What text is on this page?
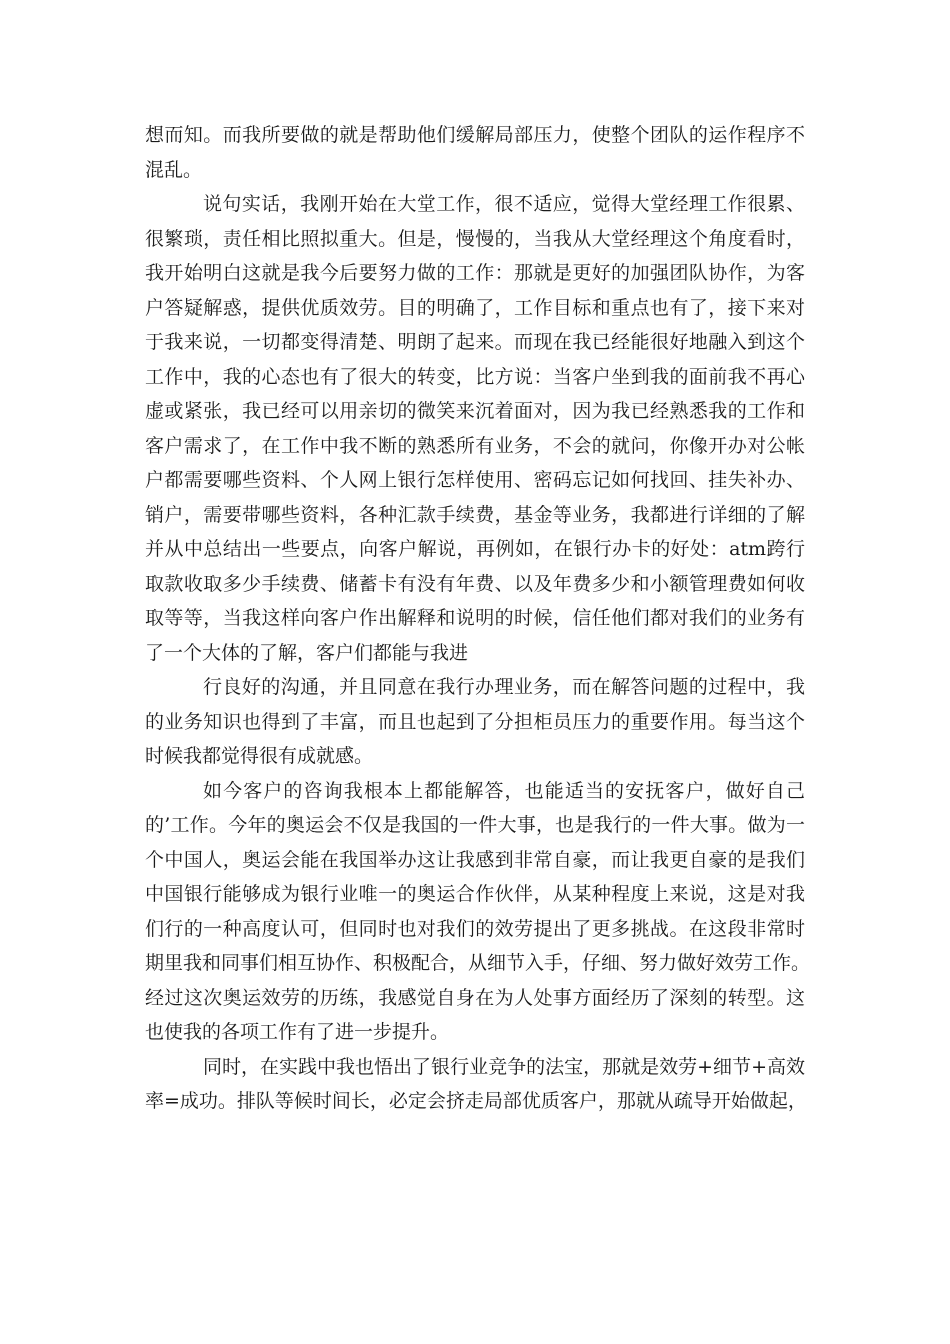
想而知。而我所要做的就是帮助他们缓解局部压力，使整个团队的运作程序不
混乱。
说句实话，我刚开始在大堂工作，很不适应，觉得大堂经理工作很累、
很繁琐，责任相比照拟重大。但是，慢慢的，当我从大堂经理这个角度看时，
我开始明白这就是我今后要努力做的工作：那就是更好的加强团队协作，为客
户答疑解惑，提供优质效劳。目的明确了，工作目标和重点也有了，接下来对
于我来说，一切都变得清楚、明朗了起来。而现在我已经能很好地融入到这个
工作中，我的心态也有了很大的转变，比方说：当客户坐到我的面前我不再心
虚或紧张，我已经可以用亲切的微笑来沉着面对，因为我已经熟悉我的工作和
客户需求了，在工作中我不断的熟悉所有业务，不会的就问，你像开办对公帐
户都需要哪些资料、个人网上银行怎样使用、密码忘记如何找回、挂失补办、
销户，需要带哪些资料，各种汇款手续费，基金等业务，我都进行详细的了解
并从中总结出一些要点，向客户解说，再例如，在银行办卡的好处：atm跨行
取款收取多少手续费、储蓄卡有没有年费、以及年费多少和小额管理费如何收
取等等，当我这样向客户作出解释和说明的时候，信任他们都对我们的业务有
了一个大体的了解，客户们都能与我进
行良好的沟通，并且同意在我行办理业务，而在解答问题的过程中，我
的业务知识也得到了丰富，而且也起到了分担柜员压力的重要作用。每当这个
时候我都觉得很有成就感。
如今客户的咨询我根本上都能解答，也能适当的安抚客户，做好自己
的’工作。今年的奥运会不仅是我国的一件大事，也是我行的一件大事。做为一
个中国人，奥运会能在我国举办这让我感到非常自豪，而让我更自豪的是我们
中国银行能够成为银行业唯一的奥运合作伙伴，从某种程度上来说，这是对我
们行的一种高度认可，但同时也对我们的效劳提出了更多挑战。在这段非常时
期里我和同事们相互协作、积极配合，从细节入手，仔细、努力做好效劳工作。
经过这次奥运效劳的历练，我感觉自身在为人处事方面经历了深刻的转型。这
也使我的各项工作有了进一步提升。
同时，在实践中我也悟出了银行业竞争的法宝，那就是效劳+细节+高效
率=成功。排队等候时间长，必定会挤走局部优质客户，那就从疏导开始做起，
